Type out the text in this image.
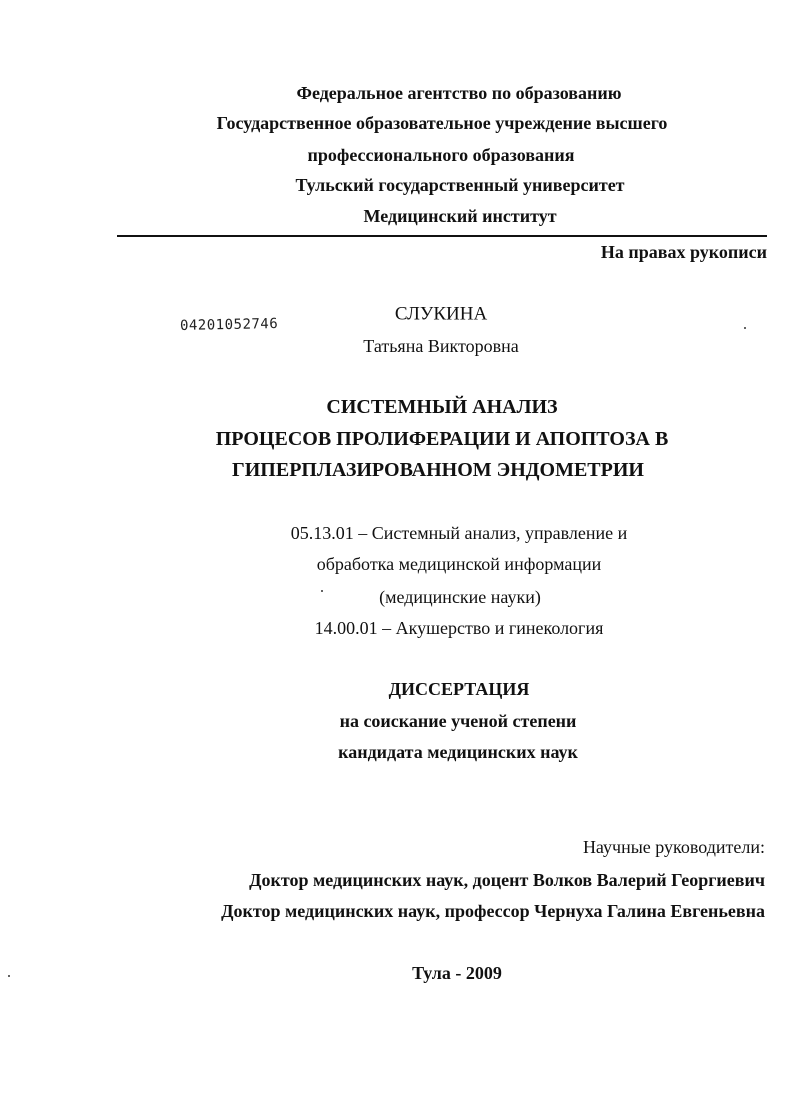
Федеральное агентство по образованию
Государственное образовательное учреждение высшего
профессионального образования
Тульский государственный университет
Медицинский институт
На правах рукописи
04201052746
СЛУКИНА
Татьяна Викторовна
СИСТЕМНЫЙ АНАЛИЗ
ПРОЦЕСОВ ПРОЛИФЕРАЦИИ И АПОПТОЗА В
ГИПЕРПЛАЗИРОВАННОМ ЭНДОМЕТРИИ
05.13.01 – Системный анализ, управление и
обработка медицинской информации
(медицинские науки)
14.00.01 – Акушерство и гинекология
ДИССЕРТАЦИЯ
на соискание ученой степени
кандидата медицинских наук
Научные руководители:
Доктор медицинских наук, доцент Волков Валерий Георгиевич
Доктор медицинских наук, профессор Чернуха Галина Евгеньевна
Тула - 2009
